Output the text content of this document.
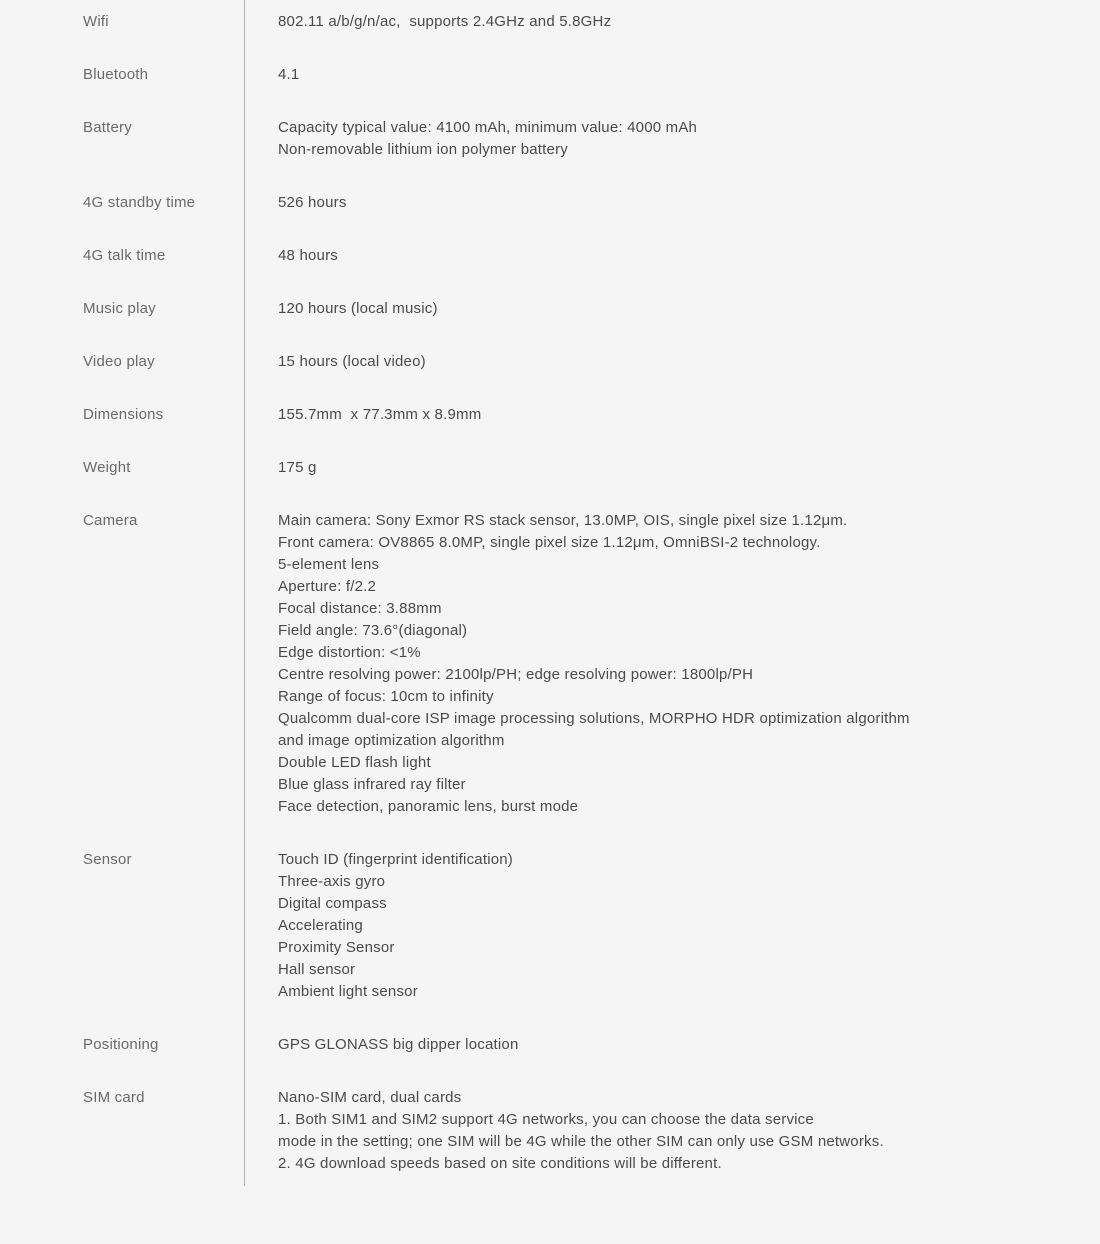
Wifi	802.11 a/b/g/n/ac,  supports 2.4GHz and 5.8GHz
Bluetooth	4.1
Battery	Capacity typical value: 4100 mAh, minimum value: 4000 mAh
Non-removable lithium ion polymer battery
4G standby time	526 hours
4G talk time	48 hours
Music play	120 hours (local music)
Video play	15 hours (local video)
Dimensions	155.7mm  x 77.3mm x 8.9mm
Weight	175 g
Camera	Main camera: Sony Exmor RS stack sensor, 13.0MP, OIS, single pixel size 1.12μm.
Front camera: OV8865 8.0MP, single pixel size 1.12μm, OmniBSI-2 technology.
5-element lens
Aperture: f/2.2
Focal distance: 3.88mm
Field angle: 73.6°(diagonal)
Edge distortion: <1%
Centre resolving power: 2100lp/PH; edge resolving power: 1800lp/PH
Range of focus: 10cm to infinity
Qualcomm dual-core ISP image processing solutions, MORPHO HDR optimization algorithm
and image optimization algorithm
Double LED flash light
Blue glass infrared ray filter
Face detection, panoramic lens, burst mode
Sensor	Touch ID (fingerprint identification)
Three-axis gyro
Digital compass
Accelerating
Proximity Sensor
Hall sensor
Ambient light sensor
Positioning	GPS GLONASS big dipper location
SIM card	Nano-SIM card, dual cards
1. Both SIM1 and SIM2 support 4G networks, you can choose the data service
mode in the setting; one SIM will be 4G while the other SIM can only use GSM networks.
2. 4G download speeds based on site conditions will be different.
